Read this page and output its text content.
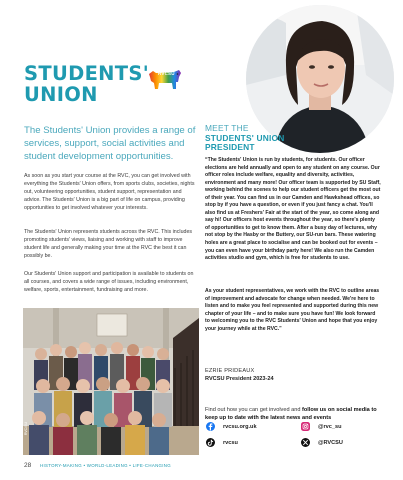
STUDENTS' UNION
RVCSU
The Students' Union provides a range of services, support, social activities and student development opportunities.
As soon as you start your course at the RVC, you can get involved with everything the Students' Union offers, from sports clubs, societies, nights out, volunteering opportunities, student support, representation and advice. The Students' Union is a big part of life on campus, providing opportunities to get involved whatever your interests.
The Students' Union represents students across the RVC. This includes promoting students' views, liaising and working with staff to improve student life and generally making your time at the RVC the best it can possibly be.
Our Students' Union support and participation is available to students on all courses, and covers a wide range of issues, including environment, welfare, sports, entertainment, fundraising and more.
RVC/SU
28 HISTORY-MAKING • WORLD-LEADING • LIFE-CHANGING
MEET THE
STUDENTS' UNION
PRESIDENT
“The Students' Union is run by students, for students. Our officer elections are held annually and open to any student on any course. Our officer roles include welfare, equality and diversity, activities, environment and many more! Our officer team is supported by SU Staff, working behind the scenes to help our student officers get the most out of their year. You can find us in our Camden and Hawkshead offices, so stop by if you have a question, or even if you just fancy a chat. You'll also find us at Freshers' Fair at the start of the year, so come along and say hi! Our officers host events throughout the year, so there's plenty of opportunities to get to know them. After a busy day of lectures, why not stop by the Hasby or the Buttery, our SU-run bars. These watering holes are a great place to socialise and can be booked out for events – you can even have your birthday party here! We also run the Camden activities studio and gym, which is free for students to use.
As your student representatives, we work with the RVC to outline areas of improvement and advocate for change when needed. We're here to listen and to make you feel represented and supported during this new chapter of your life – and to make sure you have fun! We look forward to welcoming you to the RVC Students' Union and hope that you enjoy your journey while at the RVC.”
EZRIE PRIDEAUX
RVCSU President 2023-24
Find out how you can get involved and follow us on social media to keep up to date with the latest news and events
rvcsu.org.uk	@rvc_su
rvcsu	@RVCSU
